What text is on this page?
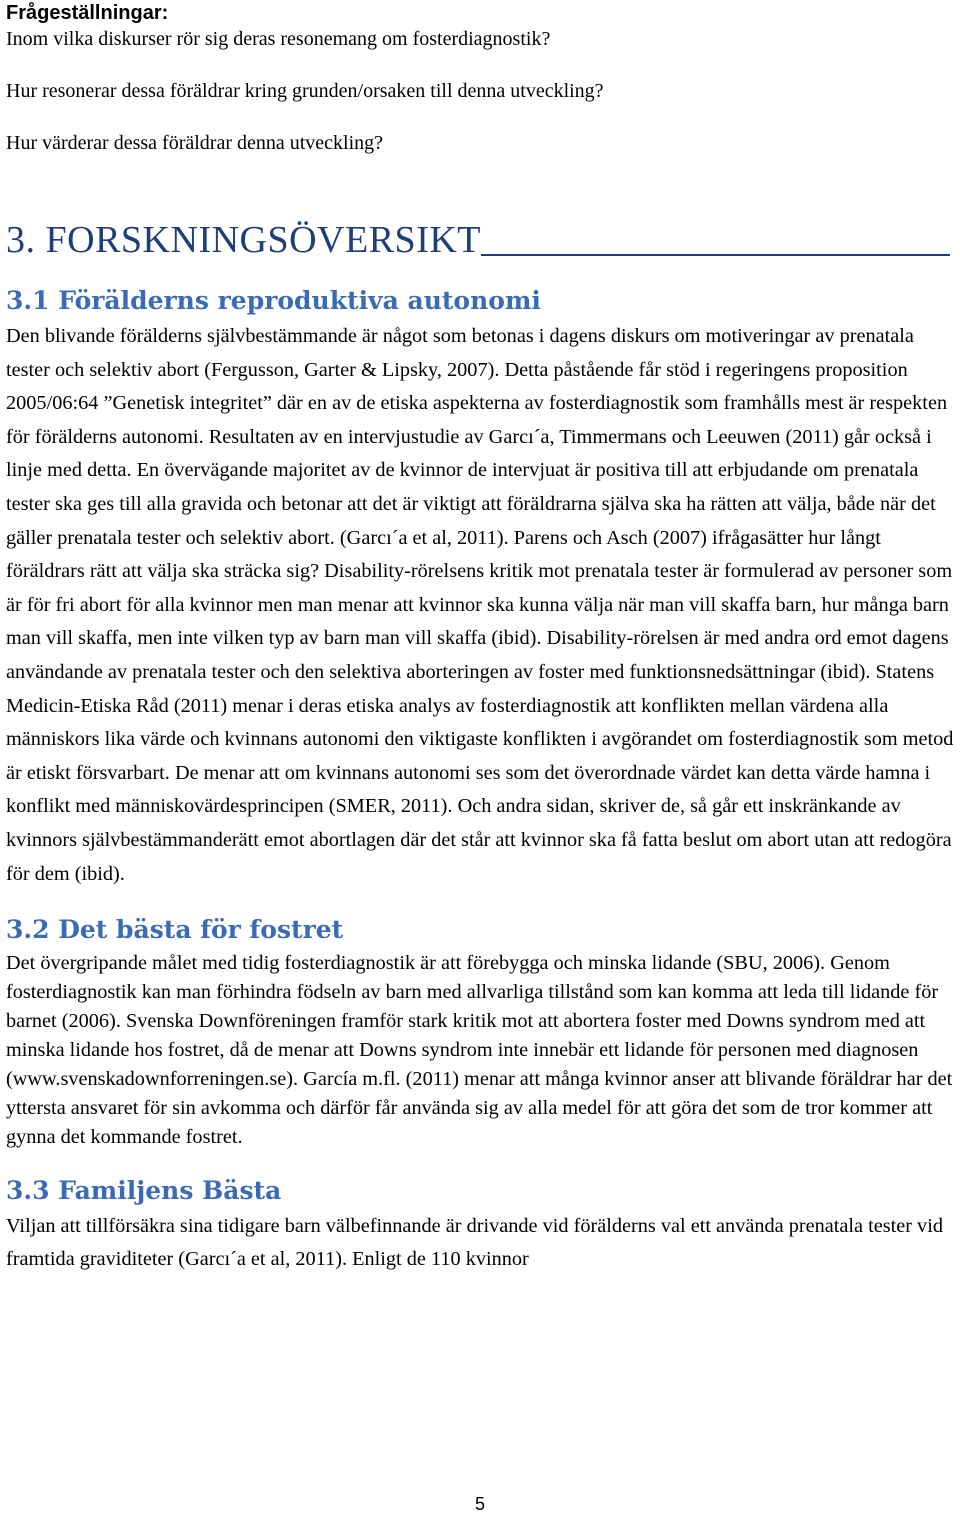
Frågeställningar:

Inom vilka diskurser rör sig deras resonemang om fosterdiagnostik?

Hur resonerar dessa föräldrar kring grunden/orsaken till denna utveckling?

Hur värderar dessa föräldrar denna utveckling?

3. FORSKNINGSÖVERSIKT
3.1 Förälderns reproduktiva autonomi

Den blivande förälderns självbestämmande är något som betonas i dagens diskurs om motiveringar av prenatala tester och selektiv abort (Fergusson, Garter & Lipsky, 2007). Detta påstående får stöd i regeringens proposition 2005/06:64 ”Genetisk integritet” där en av de etiska aspekterna av fosterdiagnostik som framhålls mest är respekten för förälderns autonomi. Resultaten av en intervjustudie av Garcı´a, Timmermans och Leeuwen (2011) går också i linje med detta. En övervägande majoritet av de kvinnor de intervjuat är positiva till att erbjudande om prenatala tester ska ges till alla gravida och betonar att det är viktigt att föräldrarna själva ska ha rätten att välja, både när det gäller prenatala tester och selektiv abort. (Garcı´a et al, 2011). Parens och Asch (2007) ifrågasätter hur långt föräldrars rätt att välja ska sträcka sig? Disability-rörelsens kritik mot prenatala tester är formulerad av personer som är för fri abort för alla kvinnor men man menar att kvinnor ska kunna välja när man vill skaffa barn, hur många barn man vill skaffa, men inte vilken typ av barn man vill skaffa (ibid). Disability-rörelsen är med andra ord emot dagens användande av prenatala tester och den selektiva aborteringen av foster med funktionsnedsättningar (ibid). Statens Medicin-Etiska Råd (2011) menar i deras etiska analys av fosterdiagnostik att konflikten mellan värdena alla människors lika värde och kvinnans autonomi den viktigaste konflikten i avgörandet om fosterdiagnostik som metod är etiskt försvarbart. De menar att om kvinnans autonomi ses som det överordnade värdet kan detta värde hamna i konflikt med människovärdesprincipen (SMER, 2011). Och andra sidan, skriver de, så går ett inskränkande av kvinnors självbestämmanderätt emot abortlagen där det står att kvinnor ska få fatta beslut om abort utan att redogöra för dem (ibid).

3.2 Det bästa för fostret

Det övergripande målet med tidig fosterdiagnostik är att förebygga och minska lidande (SBU, 2006). Genom fosterdiagnostik kan man förhindra födseln av barn med allvarliga tillstånd som kan komma att leda till lidande för barnet (2006). Svenska Downföreningen framför stark kritik mot att abortera foster med Downs syndrom med att minska lidande hos fostret, då de menar att Downs syndrom inte innebär ett lidande för personen med diagnosen (www.svenskadownforreningen.se). García m.fl. (2011) menar att många kvinnor anser att blivande föräldrar har det yttersta ansvaret för sin avkomma och därför får använda sig av alla medel för att göra det som de tror kommer att gynna det kommande fostret.

3.3 Familjens Bästa

Viljan att tillförsäkra sina tidigare barn välbefinnande är drivande vid förälderns val ett använda prenatala tester vid framtida graviditeter (Garcı´a et al, 2011). Enligt de 110 kvinnor

5
